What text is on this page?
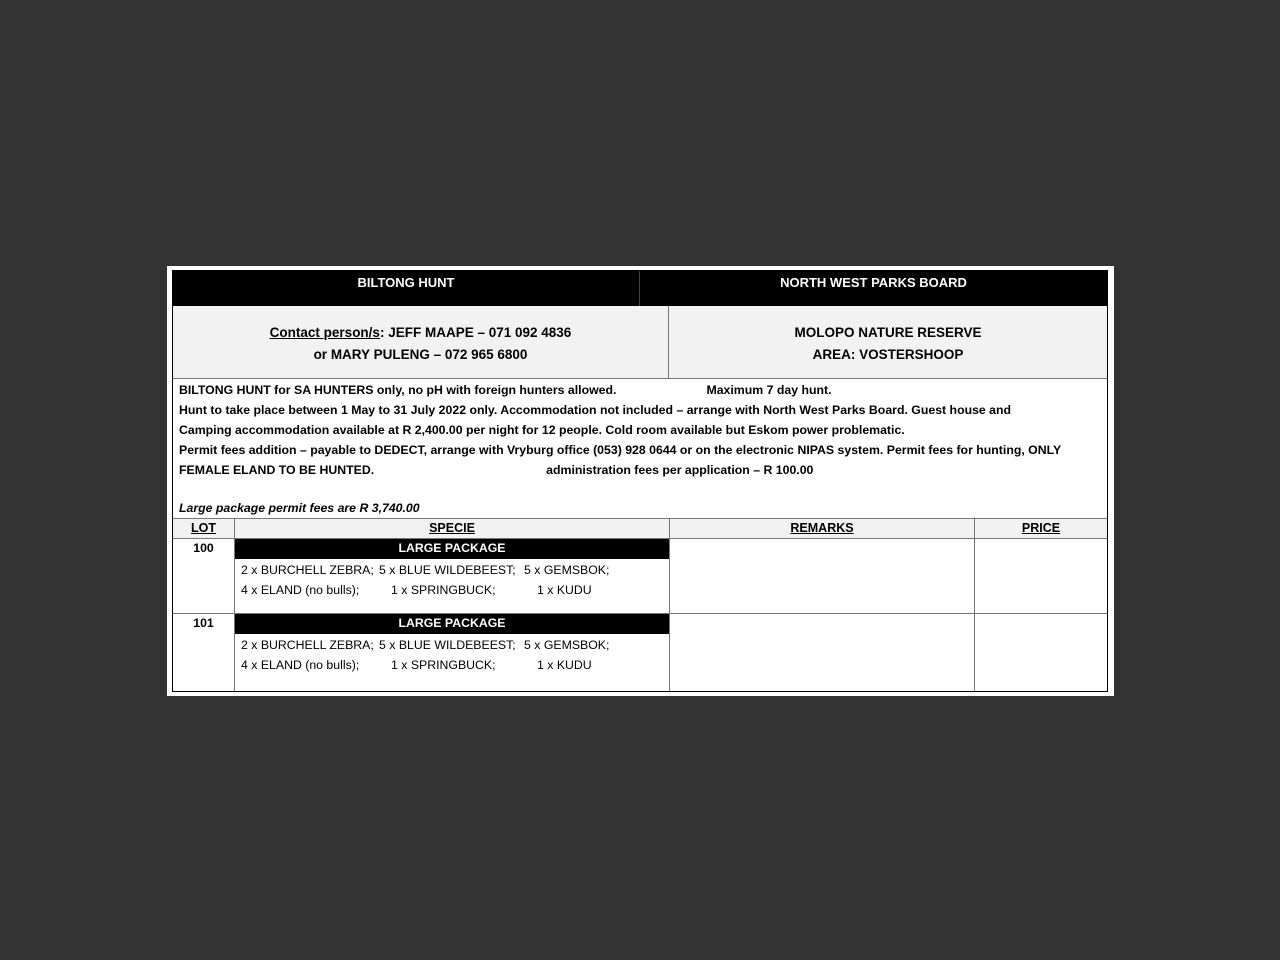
BILTONG HUNT	NORTH WEST PARKS BOARD
Contact person/s: JEFF MAAPE – 071 092 4836
or MARY PULENG – 072 965 6800
MOLOPO NATURE RESERVE
AREA: VOSTERSHOOP
BILTONG HUNT for SA HUNTERS only, no pH with foreign hunters allowed.	Maximum 7 day hunt.
Hunt to take place between 1 May to 31 July 2022 only. Accommodation not included – arrange with North West Parks Board. Guest house and
Camping accommodation available at R 2,400.00 per night for 12 people. Cold room available but Eskom power problematic.
Permit fees addition – payable to DEDECT, arrange with Vryburg office (053) 928 0644 or on the electronic NIPAS system. Permit fees for hunting, ONLY
FEMALE ELAND TO BE HUNTED.	administration fees per application – R 100.00
Large package permit fees are R 3,740.00
LOT	SPECIE	REMARKS	PRICE
100	LARGE PACKAGE
2 x BURCHELL ZEBRA; 5 x BLUE WILDEBEEST; 5 x GEMSBOK;
4 x ELAND (no bulls);	1 x SPRINGBUCK;	1 x KUDU
101	LARGE PACKAGE
2 x BURCHELL ZEBRA; 5 x BLUE WILDEBEEST; 5 x GEMSBOK;
4 x ELAND (no bulls);	1 x SPRINGBUCK;	1 x KUDU
